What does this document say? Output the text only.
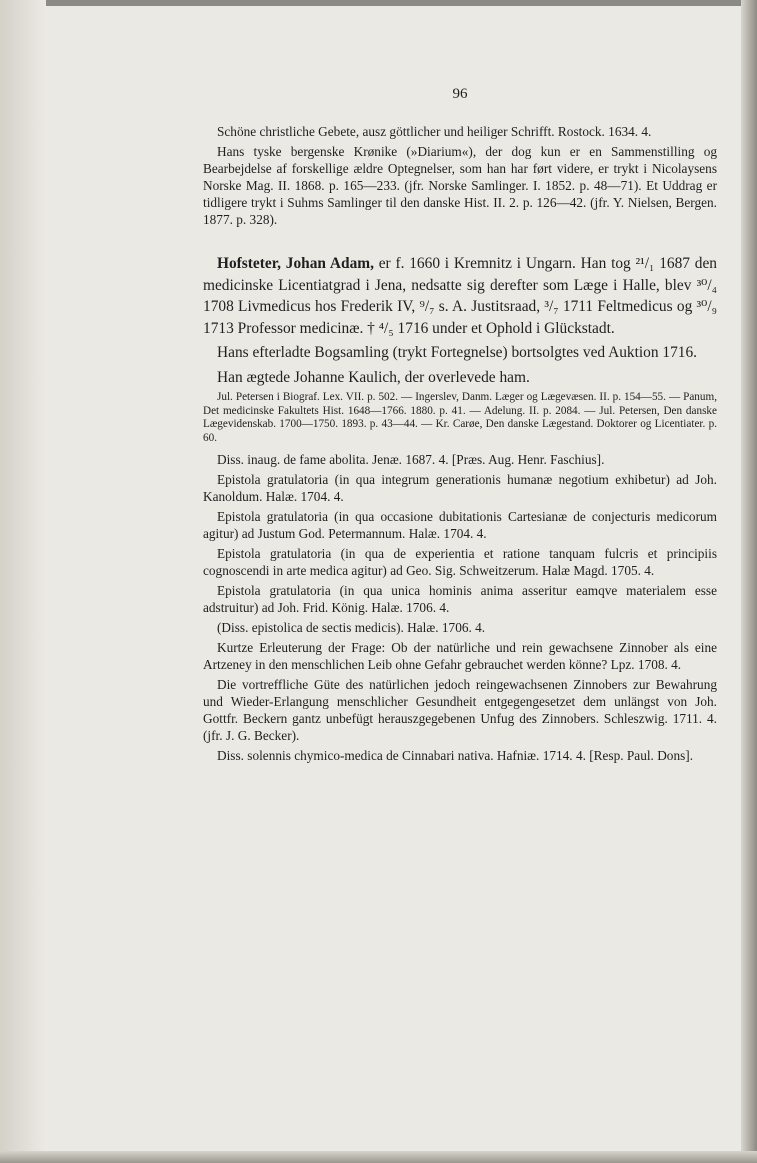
96

Schöne christliche Gebete, ausz göttlicher und heiliger Schrifft. Rostock. 1634. 4.

Hans tyske bergenske Krønike (»Diarium«), der dog kun er en Sammenstilling og Bearbejdelse af forskellige ældre Optegnelser, som han har ført videre, er trykt i Nicolaysens Norske Mag. II. 1868. p. 165—233. (jfr. Norske Samlinger. I. 1852. p. 48—71). Et Uddrag er tidligere trykt i Suhms Samlinger til den danske Hist. II. 2. p. 126—42. (jfr. Y. Nielsen, Bergen. 1877. p. 328).

Hofsteter, Johan Adam, er f. 1660 i Kremnitz i Ungarn. Han tog ²¹/₁ 1687 den medicinske Licentiatgrad i Jena, nedsatte sig derefter som Læge i Halle, blev ³⁰/₄ 1708 Livmedicus hos Frederik IV, ⁹/₇ s. A. Justitsraad, ³/₇ 1711 Feltmedicus og ³⁰/₉ 1713 Professor medicinæ. † ⁴/₅ 1716 under et Ophold i Glückstadt.

Hans efterladte Bogsamling (trykt Fortegnelse) bortsolgtes ved Auktion 1716.

Han ægtede Johanne Kaulich, der overlevede ham.

Jul. Petersen i Biograf. Lex. VII. p. 502. — Ingerslev, Danm. Læger og Lægevæsen. II. p. 154—55. — Panum, Det medicinske Fakultets Hist. 1648—1766. 1880. p. 41. — Adelung. II. p. 2084. — Jul. Petersen, Den danske Lægevidenskab. 1700—1750. 1893. p. 43—44. — Kr. Carøe, Den danske Lægestand. Doktorer og Licentiater. p. 60.

Diss. inaug. de fame abolita. Jenæ. 1687. 4. [Præs. Aug. Henr. Faschius].

Epistola gratulatoria (in qua integrum generationis humanæ negotium exhibetur) ad Joh. Kanoldum. Halæ. 1704. 4.

Epistola gratulatoria (in qua occasione dubitationis Cartesianæ de conjecturis medicorum agitur) ad Justum God. Petermannum. Halæ. 1704. 4.

Epistola gratulatoria (in qua de experientia et ratione tanquam fulcris et principiis cognoscendi in arte medica agitur) ad Geo. Sig. Schweitzerum. Halæ Magd. 1705. 4.

Epistola gratulatoria (in qua unica hominis anima asseritur eamqve materialem esse adstruitur) ad Joh. Frid. König. Halæ. 1706. 4.

(Diss. epistolica de sectis medicis). Halæ. 1706. 4.

Kurtze Erleuterung der Frage: Ob der natürliche und rein gewachsene Zinnober als eine Artzeney in den menschlichen Leib ohne Gefahr gebrauchet werden könne? Lpz. 1708. 4.

Die vortreffliche Güte des natürlichen jedoch reingewachsenen Zinnobers zur Bewahrung und Wieder-Erlangung menschlicher Gesundheit entgegengesetzet dem unlängst von Joh. Gottfr. Beckern gantz unbefügt herauszgegebenen Unfug des Zinnobers. Schleszwig. 1711. 4. (jfr. J. G. Becker).

Diss. solennis chymico-medica de Cinnabari nativa. Hafniæ. 1714. 4. [Resp. Paul. Dons].
